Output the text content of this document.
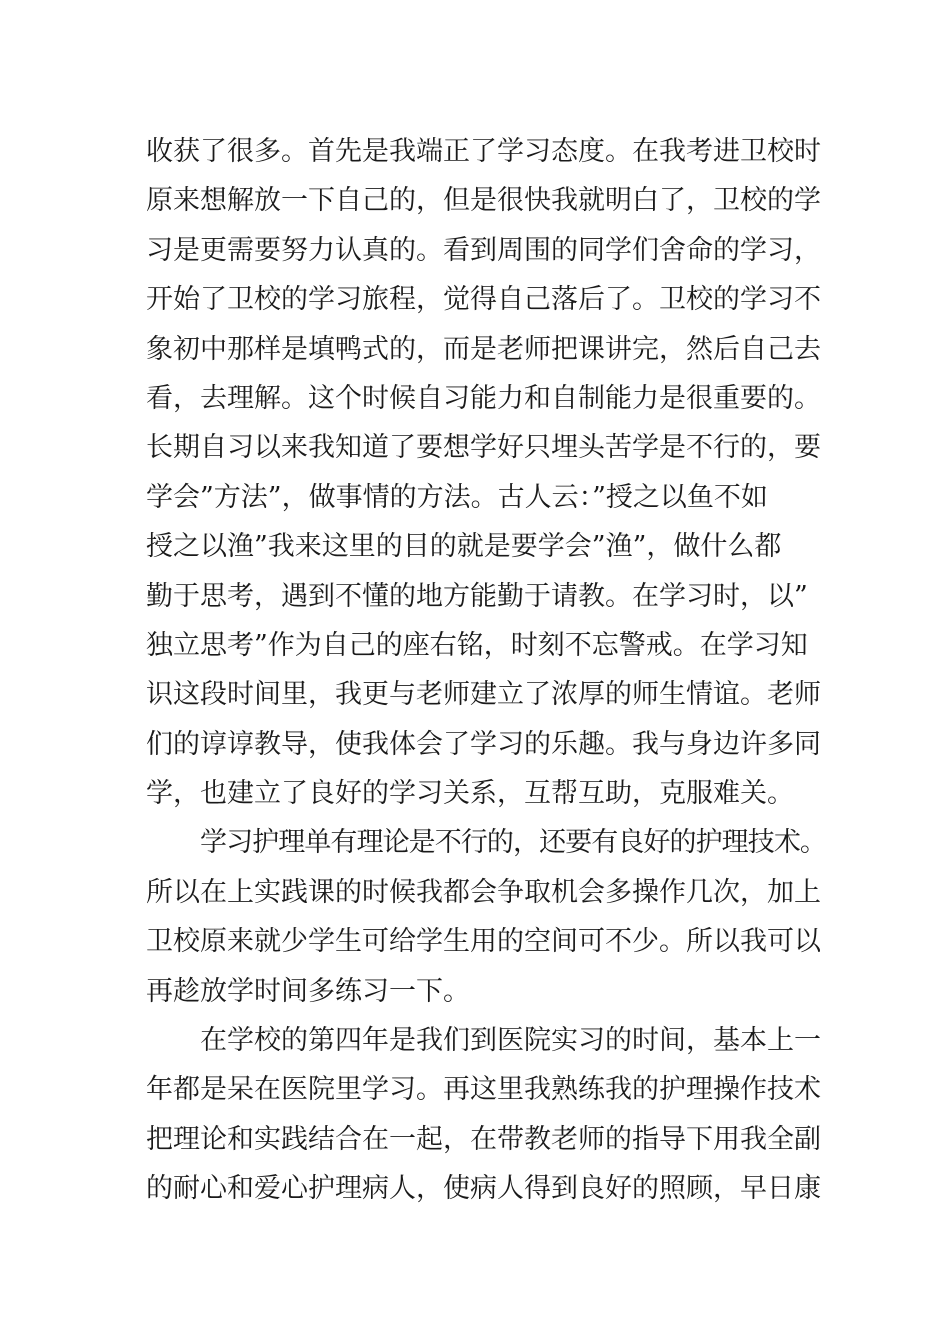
收获了很多。首先是我端正了学习态度。在我考进卫校时
原来想解放一下自己的，但是很快我就明白了，卫校的学
习是更需要努力认真的。看到周围的同学们舍命的学习，
开始了卫校的学习旅程，觉得自己落后了。卫校的学习不
象初中那样是填鸭式的，而是老师把课讲完，然后自己去
看，去理解。这个时候自习能力和自制能力是很重要的。
长期自习以来我知道了要想学好只埋头苦学是不行的，要
学会”方法”，做事情的方法。古人云：”授之以鱼不如
授之以渔”我来这里的目的就是要学会”渔”，做什么都
勤于思考，遇到不懂的地方能勤于请教。在学习时，以”
独立思考”作为自己的座右铭，时刻不忘警戒。在学习知
识这段时间里，我更与老师建立了浓厚的师生情谊。老师
们的谆谆教导，使我体会了学习的乐趣。我与身边许多同
学，也建立了良好的学习关系，互帮互助，克服难关。
学习护理单有理论是不行的，还要有良好的护理技术。
所以在上实践课的时候我都会争取机会多操作几次，加上
卫校原来就少学生可给学生用的空间可不少。所以我可以
再趁放学时间多练习一下。
在学校的第四年是我们到医院实习的时间，基本上一
年都是呆在医院里学习。再这里我熟练我的护理操作技术
把理论和实践结合在一起，在带教老师的指导下用我全副
的耐心和爱心护理病人，使病人得到良好的照顾，早日康
